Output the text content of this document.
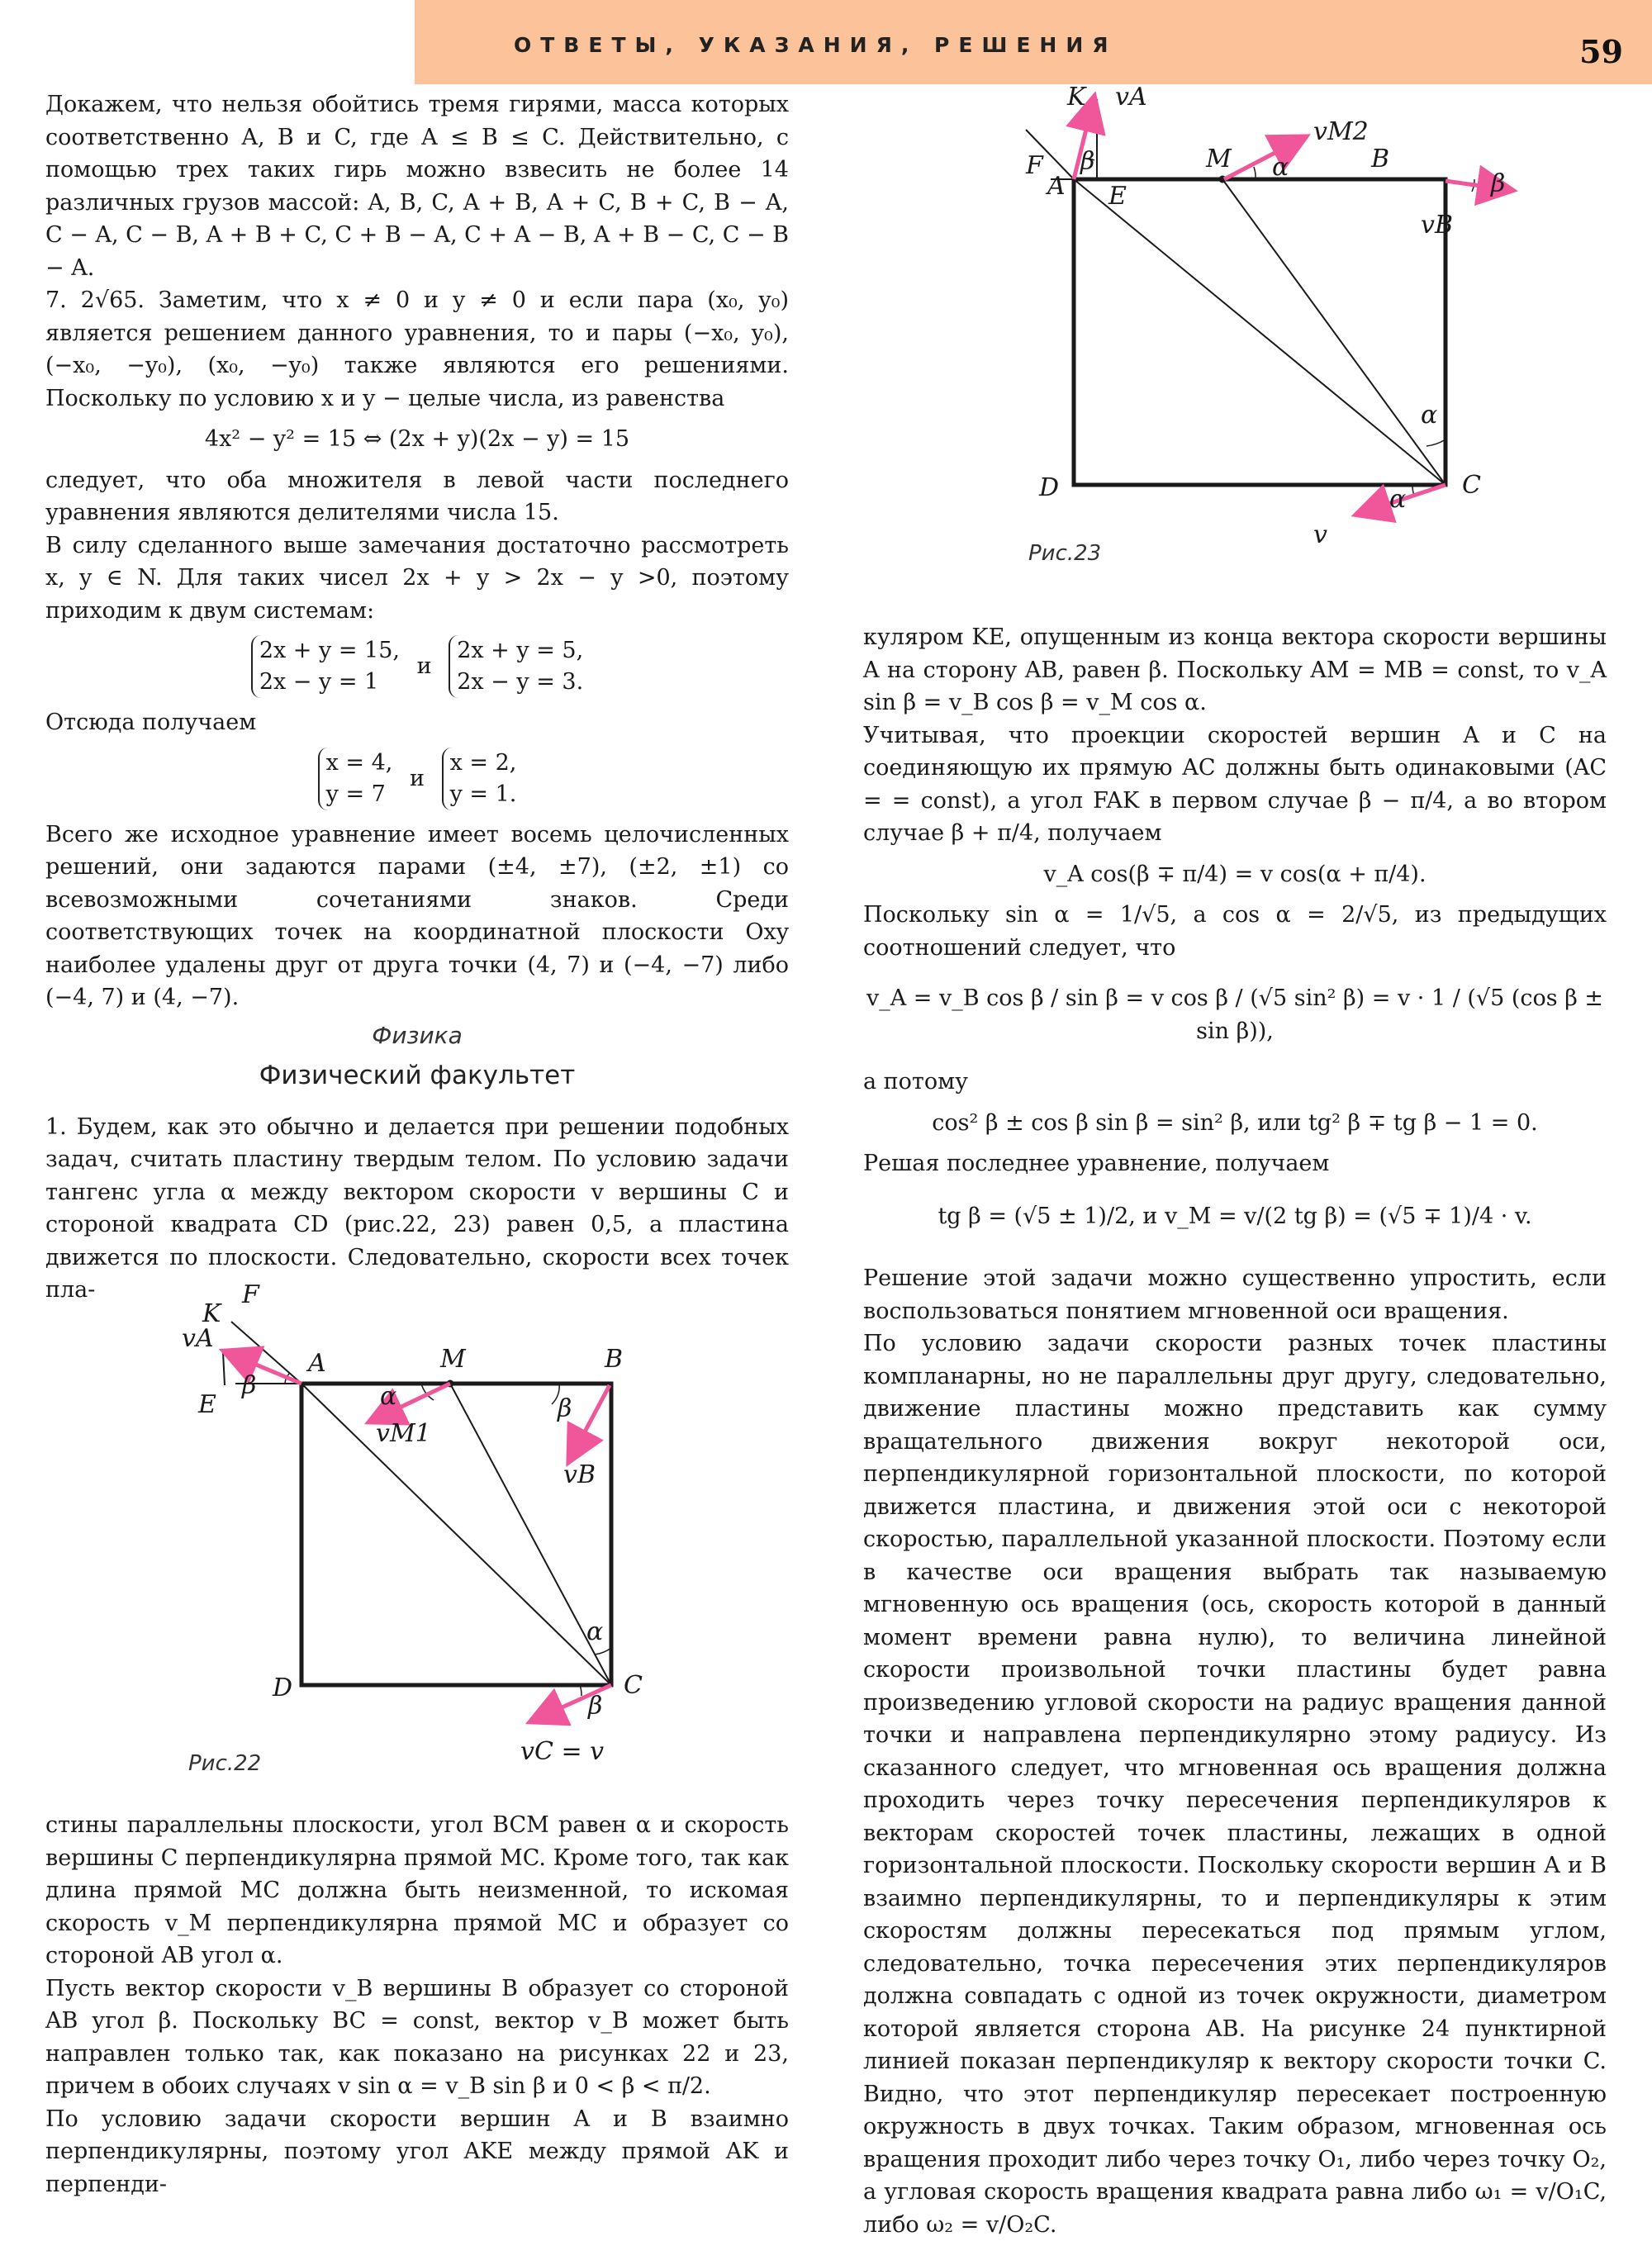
ОТВЕТЫ, УКАЗАНИЯ, РЕШЕНИЯ	59

Докажем, что нельзя обойтись тремя гирями, масса которых соответственно A, B и C, где A ≤ B ≤ C. Действительно, с помощью трех таких гирь можно взвесить не более 14 различных грузов массой: A, B, C, A + B, A + C, B + C, B − A, C − A, C − B, A + B + C, C + B − A, C + A − B, A + B − C, C − B − A.

7. 2√65. Заметим, что x ≠ 0 и y ≠ 0 и если пара (x₀, y₀) является решением данного уравнения, то и пары (−x₀, y₀), (−x₀, −y₀), (x₀, −y₀) также являются его решениями. Поскольку по условию x и y − целые числа, из равенства

4x² − y² = 15 ⇔ (2x + y)(2x − y) = 15

следует, что оба множителя в левой части последнего уравнения являются делителями числа 15.

В силу сделанного выше замечания достаточно рассмотреть x, y ∈ N. Для таких чисел 2x + y > 2x − y >0, поэтому приходим к двум системам:

2x + y = 15,
2x − y = 1 и 2x + y = 5,
2x − y = 3.

Отсюда получаем

x = 4,
y = 7 и x = 2,
y = 1.

Всего же исходное уравнение имеет восемь целочисленных решений, они задаются парами (±4, ±7), (±2, ±1) со всевозможными сочетаниями знаков. Среди соответствующих точек на координатной плоскости Oxy наиболее удалены друг от друга точки (4, 7) и (−4, −7) либо (−4, 7) и (4, −7).

Физика
Физический факультет

1. Будем, как это обычно и делается при решении подобных задач, считать пластину твердым телом. По условию задачи тангенс угла α между вектором скорости v вершины C и стороной квадрата CD (рис.22, 23) равен 0,5, а пластина движется по плоскости. Следовательно, скорости всех точек пла-

K
F
vA
E
β
A	M	B
α
vM1
β
vB
α
D	C
β
vC = v
Рис.22

стины параллельны плоскости, угол BCM равен α и скорость вершины C перпендикулярна прямой MC. Кроме того, так как длина прямой MC должна быть неизменной, то искомая скорость v_M перпендикулярна прямой MC и образует со стороной AB угол α.

Пусть вектор скорости v_B вершины B образует со стороной AB угол β. Поскольку BC = const, вектор v_B может быть направлен только так, как показано на рисунках 22 и 23, причем в обоих случаях v sin α = v_B sin β и 0 < β < π/2.

По условию задачи скорости вершин A и B взаимно перпендикулярны, поэтому угол AKE между прямой AK и перпенди-

K vA
F
A
β
E
M
vM2
α	B
β
vB
α
D	C
α
v
Рис.23

куляром KE, опущенным из конца вектора скорости вершины A на сторону AB, равен β. Поскольку AM = MB = const, то v_A sin β = v_B cos β = v_M cos α.

Учитывая, что проекции скоростей вершин A и C на соединяющую их прямую AC должны быть одинаковыми (AC = = const), а угол FAK в первом случае β − π/4, а во втором случае β + π/4, получаем

v_A cos(β ∓ π/4) = v cos(α + π/4).

Поскольку sin α = 1/√5, a cos α = 2/√5, из предыдущих соотношений следует, что

v_A = v_B cos β / sin β = v cos β / (√5 sin² β) = v · 1 / (√5 (cos β ± sin β)),

а потому

cos² β ± cos β sin β = sin² β, или tg² β ∓ tg β − 1 = 0.

Решая последнее уравнение, получаем

tg β = (√5 ± 1)/2, и v_M = v/(2 tg β) = (√5 ∓ 1)/4 · v.

Решение этой задачи можно существенно упростить, если воспользоваться понятием мгновенной оси вращения.

По условию задачи скорости разных точек пластины компланарны, но не параллельны друг другу, следовательно, движение пластины можно представить как сумму вращательного движения вокруг некоторой оси, перпендикулярной горизонтальной плоскости, по которой движется пластина, и движения этой оси с некоторой скоростью, параллельной указанной плоскости. Поэтому если в качестве оси вращения выбрать так называемую мгновенную ось вращения (ось, скорость которой в данный момент времени равна нулю), то величина линейной скорости произвольной точки пластины будет равна произведению угловой скорости на радиус вращения данной точки и направлена перпендикулярно этому радиусу. Из сказанного следует, что мгновенная ось вращения должна проходить через точку пересечения перпендикуляров к векторам скоростей точек пластины, лежащих в одной горизонтальной плоскости. Поскольку скорости вершин A и B взаимно перпендикулярны, то и перпендикуляры к этим скоростям должны пересекаться под прямым углом, следовательно, точка пересечения этих перпендикуляров должна совпадать с одной из точек окружности, диаметром которой является сторона AB. На рисунке 24 пунктирной линией показан перпендикуляр к вектору скорости точки C. Видно, что этот перпендикуляр пересекает построенную окружность в двух точках. Таким образом, мгновенная ось вращения проходит либо через точку O₁, либо через точку O₂, а угловая скорость вращения квадрата равна либо ω₁ = v/O₁C, либо ω₂ = v/O₂C.
